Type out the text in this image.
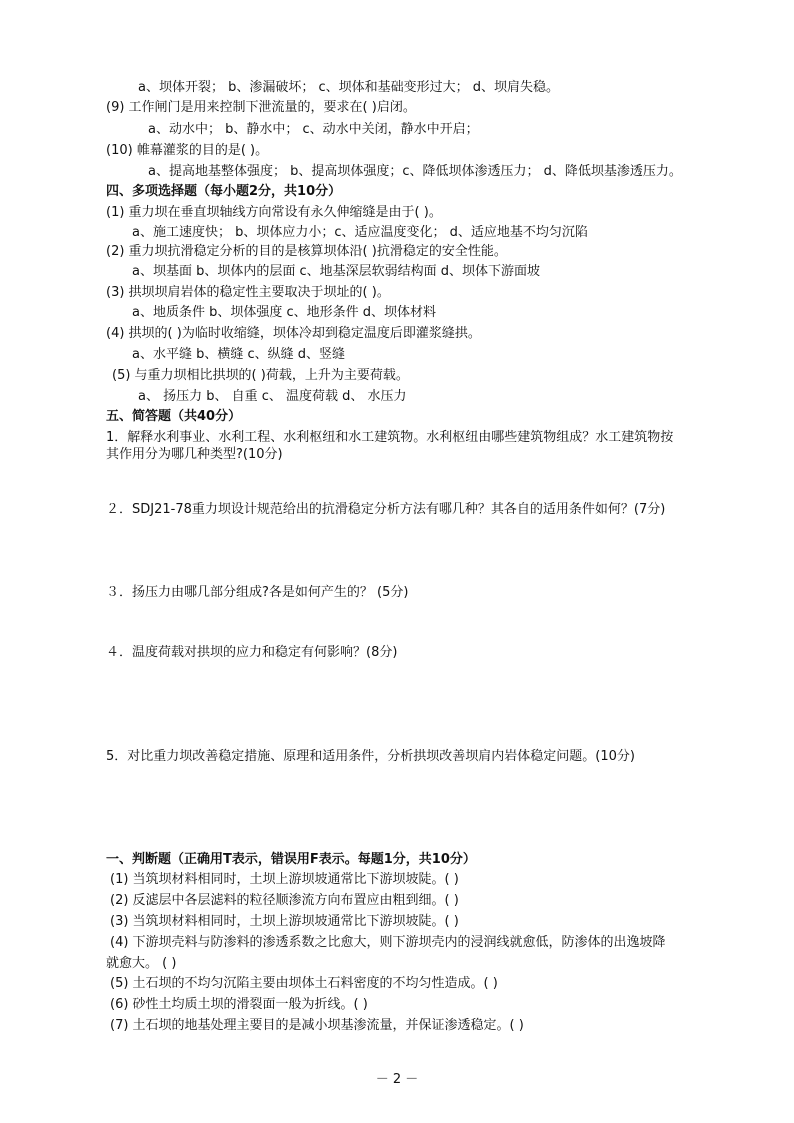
a、坝体开裂； b、渗漏破坏； c、坝体和基础变形过大； d、坝肩失稳。
(9) 工作闸门是用来控制下泄流量的，要求在( )启闭。
a、动水中； b、静水中； c、动水中关闭，静水中开启；
(10) 帷幕灌浆的目的是( )。
a、提高地基整体强度； b、提高坝体强度；c、降低坝体渗透压力； d、降低坝基渗透压力。
四、多项选择题（每小题2分，共10分）
(1) 重力坝在垂直坝轴线方向常设有永久伸缩缝是由于( )。
a、施工速度快； b、坝体应力小；c、适应温度变化； d、适应地基不均匀沉陷
(2) 重力坝抗滑稳定分析的目的是核算坝体沿( )抗滑稳定的安全性能。
a、坝基面 b、坝体内的层面 c、地基深层软弱结构面 d、坝体下游面坡
(3) 拱坝坝肩岩体的稳定性主要取决于坝址的( )。
a、地质条件 b、坝体强度 c、地形条件 d、坝体材料
(4) 拱坝的( )为临时收缩缝，坝体冷却到稳定温度后即灌浆缝拱。
a、水平缝 b、横缝 c、纵缝 d、竖缝
(5) 与重力坝相比拱坝的( )荷载，上升为主要荷载。
a、 扬压力 b、 自重 c、 温度荷载 d、 水压力
五、简答题（共40分）
1．解释水利事业、水利工程、水利枢纽和水工建筑物。水利枢纽由哪些建筑物组成？水工建筑物按
其作用分为哪几种类型?(10分)
２．SDJ21-78重力坝设计规范给出的抗滑稳定分析方法有哪几种？其各自的适用条件如何？(7分)
３．扬压力由哪几部分组成?各是如何产生的？ (5分)
４．温度荷载对拱坝的应力和稳定有何影响？(8分)
5．对比重力坝改善稳定措施、原理和适用条件，分析拱坝改善坝肩内岩体稳定问题。(10分)
一、判断题（正确用T表示，错误用F表示。每题1分，共10分）
(1) 当筑坝材料相同时，土坝上游坝坡通常比下游坝坡陡。( )
(2) 反滤层中各层滤料的粒径顺渗流方向布置应由粗到细。( )
(3) 当筑坝材料相同时，土坝上游坝坡通常比下游坝坡陡。( )
(4) 下游坝壳料与防渗料的渗透系数之比愈大，则下游坝壳内的浸润线就愈低，防渗体的出逸坡降
就愈大。 ( )
(5) 土石坝的不均匀沉陷主要由坝体土石料密度的不均匀性造成。( )
(6) 砂性土均质土坝的滑裂面一般为折线。( )
(7) 土石坝的地基处理主要目的是减小坝基渗流量，并保证渗透稳定。( )
－ 2 －
